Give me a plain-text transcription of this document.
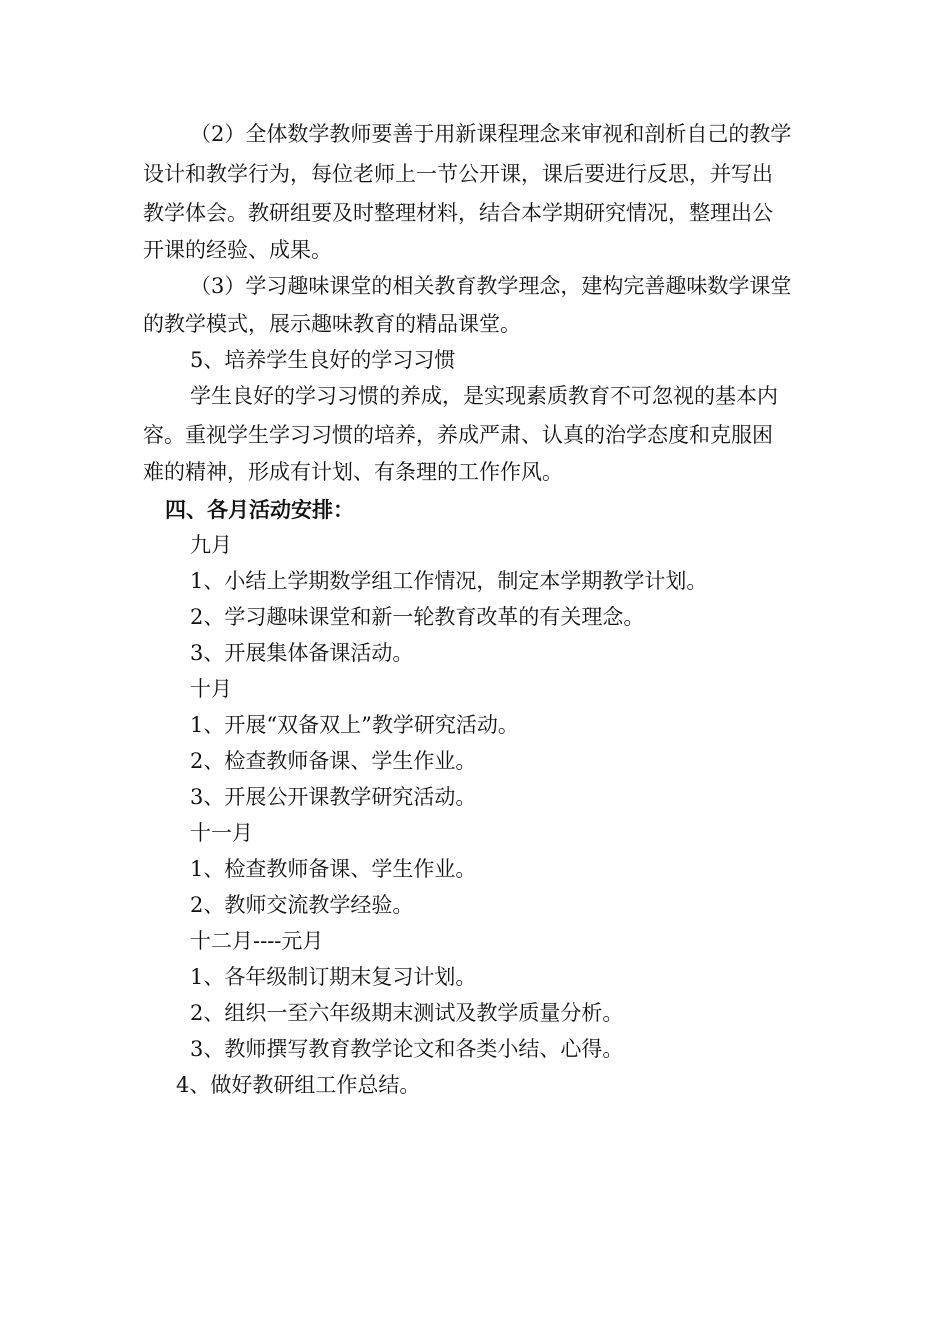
（2）全体数学教师要善于用新课程理念来审视和剖析自己的教学
设计和教学行为，每位老师上一节公开课，课后要进行反思，并写出
教学体会。教研组要及时整理材料，结合本学期研究情况，整理出公
开课的经验、成果。
（3）学习趣味课堂的相关教育教学理念，建构完善趣味数学课堂
的教学模式，展示趣味教育的精品课堂。
5、培养学生良好的学习习惯
学生良好的学习习惯的养成，是实现素质教育不可忽视的基本内
容。重视学生学习习惯的培养，养成严肃、认真的治学态度和克服困
难的精神，形成有计划、有条理的工作作风。
四、各月活动安排：
九月
1、小结上学期数学组工作情况，制定本学期教学计划。
2、学习趣味课堂和新一轮教育改革的有关理念。
3、开展集体备课活动。
十月
1、开展“双备双上”教学研究活动。
2、检查教师备课、学生作业。
3、开展公开课教学研究活动。
十一月
1、检查教师备课、学生作业。
2、教师交流教学经验。
十二月----元月
1、各年级制订期末复习计划。
2、组织一至六年级期末测试及教学质量分析。
3、教师撰写教育教学论文和各类小结、心得。
4、做好教研组工作总结。
